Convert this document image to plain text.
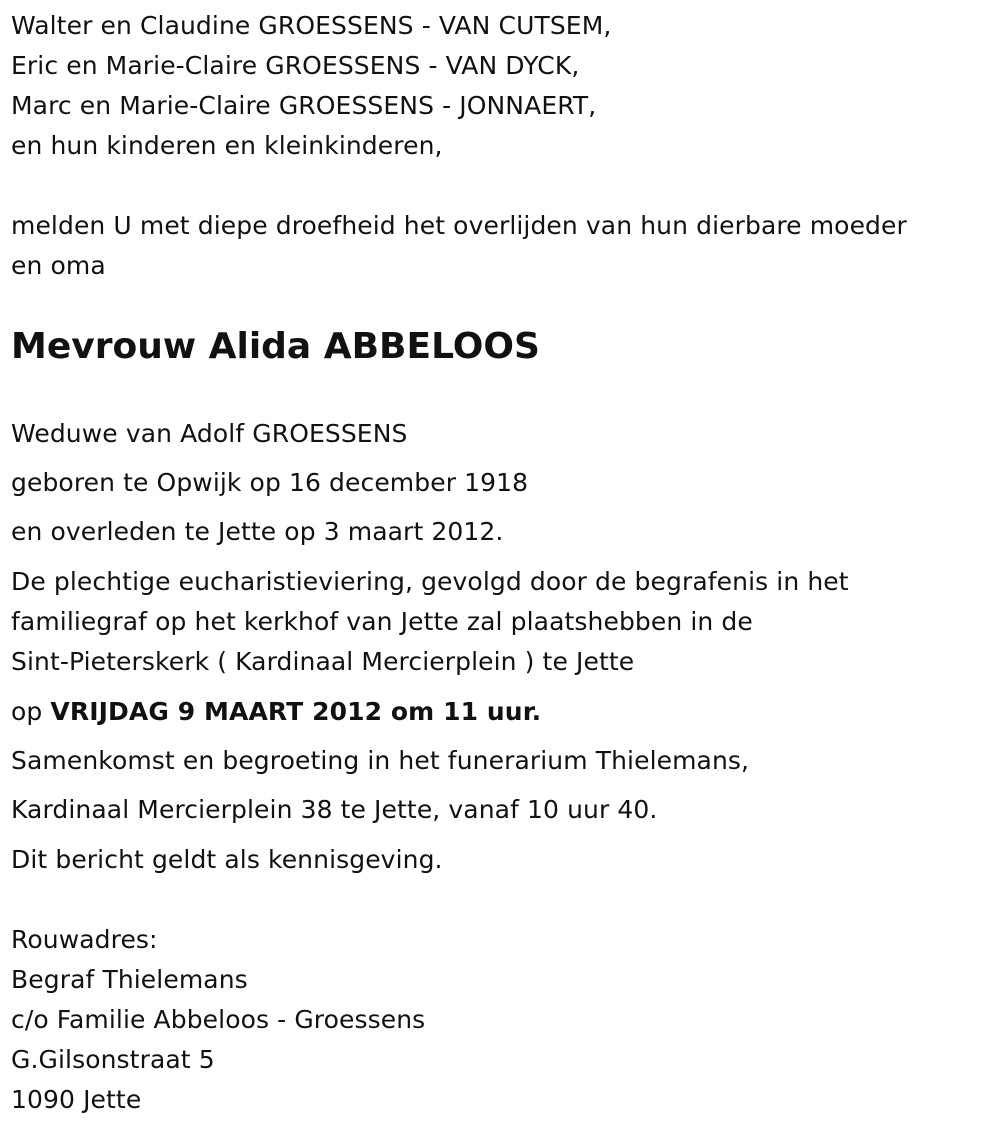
Walter en Claudine GROESSENS - VAN CUTSEM,
Eric en Marie-Claire GROESSENS - VAN DYCK,
Marc en Marie-Claire GROESSENS - JONNAERT,
en hun kinderen en kleinkinderen,
melden U met diepe droefheid het overlijden van hun dierbare moeder
en oma
Mevrouw Alida ABBELOOS
Weduwe van Adolf GROESSENS
geboren te Opwijk op 16 december 1918
en overleden te Jette op 3 maart 2012.
De plechtige eucharistieviering, gevolgd door de begrafenis in het
familiegraf op het kerkhof van Jette zal plaatshebben in de
Sint-Pieterskerk ( Kardinaal Mercierplein ) te Jette
op VRIJDAG 9 MAART 2012 om 11 uur.
Samenkomst en begroeting in het funerarium Thielemans,
Kardinaal Mercierplein 38 te Jette, vanaf 10 uur 40.
Dit bericht geldt als kennisgeving.
Rouwadres:
Begraf Thielemans
c/o Familie Abbeloos - Groessens
G.Gilsonstraat 5
1090 Jette
